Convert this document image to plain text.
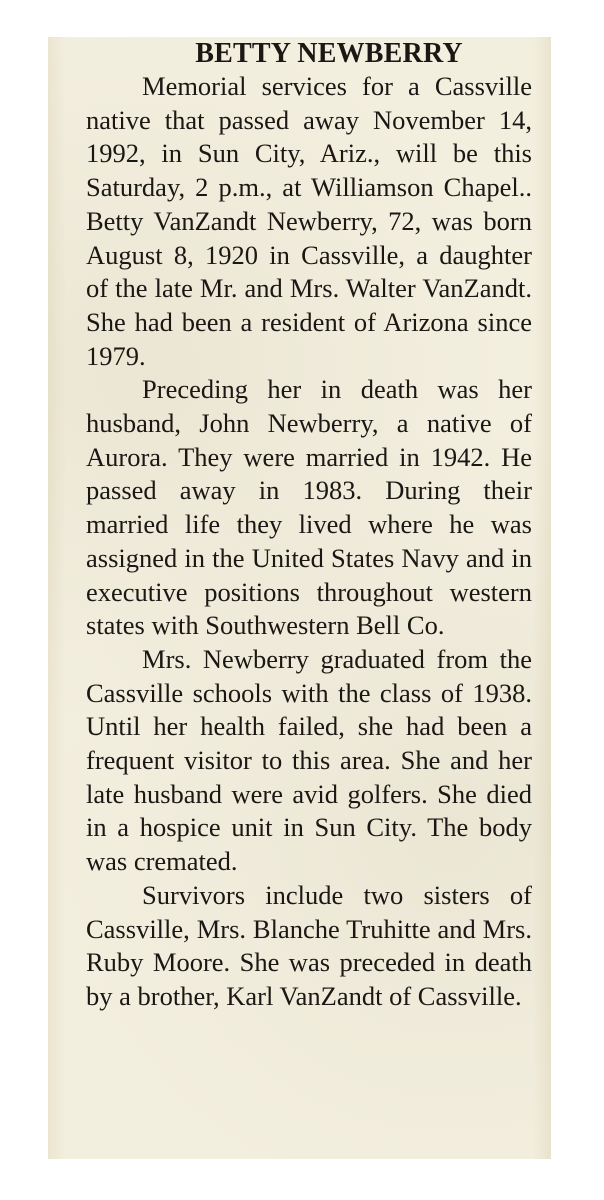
BETTY NEWBERRY

Memorial services for a Cassville native that passed away November 14, 1992, in Sun City, Ariz., will be this Saturday, 2 p.m., at Williamson Chapel.. Betty VanZandt Newberry, 72, was born August 8, 1920 in Cassville, a daughter of the late Mr. and Mrs. Walter VanZandt. She had been a resident of Arizona since 1979.

Preceding her in death was her husband, John Newberry, a native of Aurora. They were married in 1942. He passed away in 1983. During their married life they lived where he was assigned in the United States Navy and in executive positions throughout western states with Southwestern Bell Co.

Mrs. Newberry graduated from the Cassville schools with the class of 1938. Until her health failed, she had been a frequent visitor to this area. She and her late husband were avid golfers. She died in a hospice unit in Sun City. The body was cremated.

Survivors include two sisters of Cassville, Mrs. Blanche Truhitte and Mrs. Ruby Moore. She was preceded in death by a brother, Karl VanZandt of Cassville.
